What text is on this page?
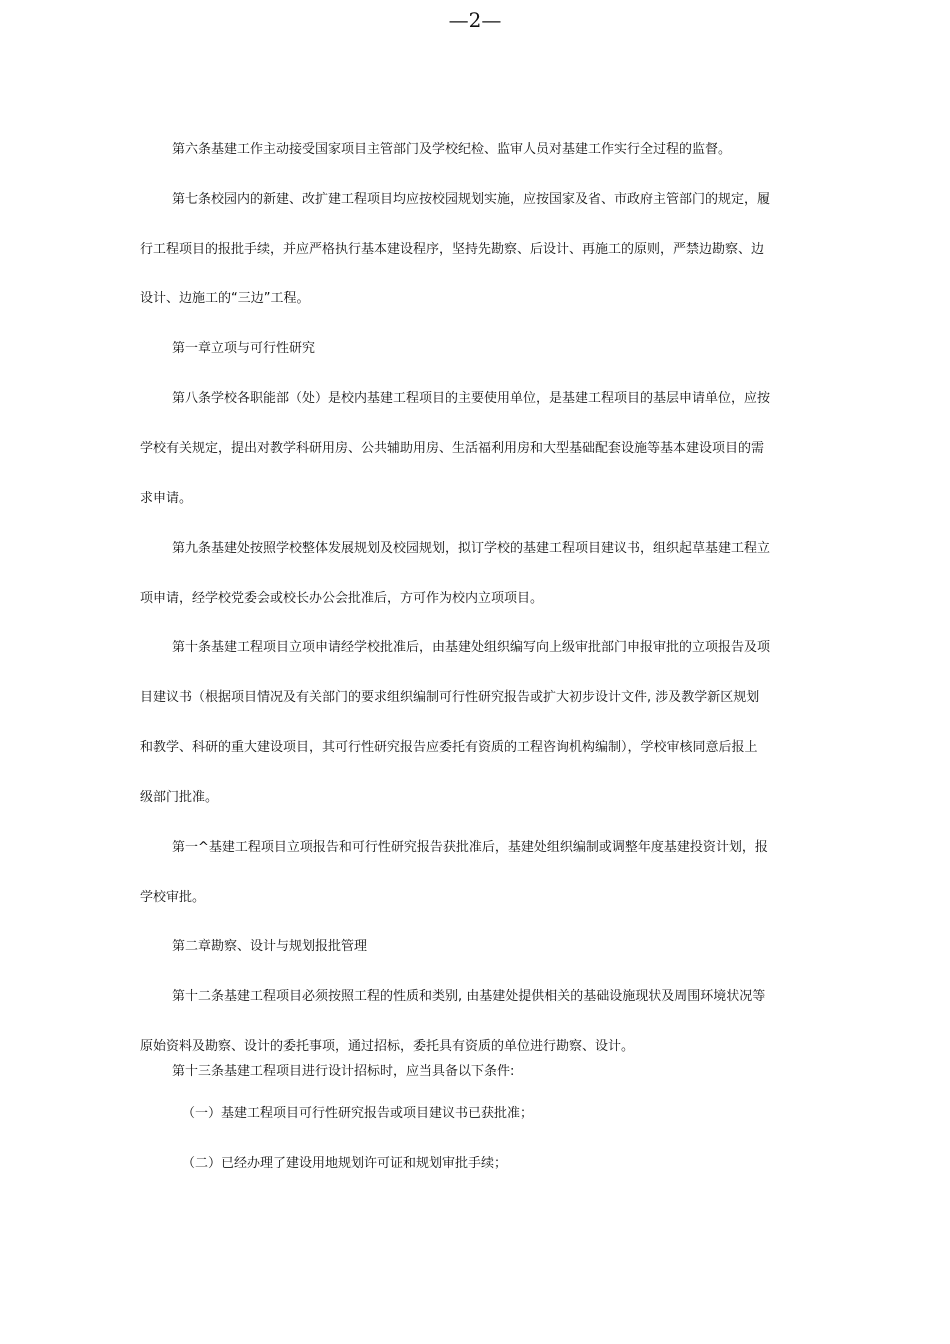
—2—
第六条基建工作主动接受国家项目主管部门及学校纪检、监审人员对基建工作实行全过程的监督。
第七条校园内的新建、改扩建工程项目均应按校园规划实施，应按国家及省、市政府主管部门的规定，履
行工程项目的报批手续，并应严格执行基本建设程序，坚持先勘察、后设计、再施工的原则，严禁边勘察、边
设计、边施工的“三边”工程。
第一章立项与可行性研究
第八条学校各职能部（处）是校内基建工程项目的主要使用单位，是基建工程项目的基层申请单位，应按
学校有关规定，提出对教学科研用房、公共辅助用房、生活福利用房和大型基础配套设施等基本建设项目的需
求申请。
第九条基建处按照学校整体发展规划及校园规划，拟订学校的基建工程项目建议书，组织起草基建工程立
项申请，经学校党委会或校长办公会批准后，方可作为校内立项项目。
第十条基建工程项目立项申请经学校批准后，由基建处组织编写向上级审批部门申报审批的立项报告及项
目建议书（根据项目情况及有关部门的要求组织编制可行性研究报告或扩大初步设计文件, 涉及教学新区规划
和教学、科研的重大建设项目，其可行性研究报告应委托有资质的工程咨询机构编制），学校审核同意后报上
级部门批准。
第一^基建工程项目立项报告和可行性研究报告获批准后，基建处组织编制或调整年度基建投资计划，报
学校审批。
第二章勘察、设计与规划报批管理
第十二条基建工程项目必须按照工程的性质和类别, 由基建处提供相关的基础设施现状及周围环境状况等
原始资料及勘察、设计的委托事项，通过招标，委托具有资质的单位进行勘察、设计。
第十三条基建工程项目进行设计招标时，应当具备以下条件:
（一）基建工程项目可行性研究报告或项目建议书已获批准；
（二）已经办理了建设用地规划许可证和规划审批手续；
